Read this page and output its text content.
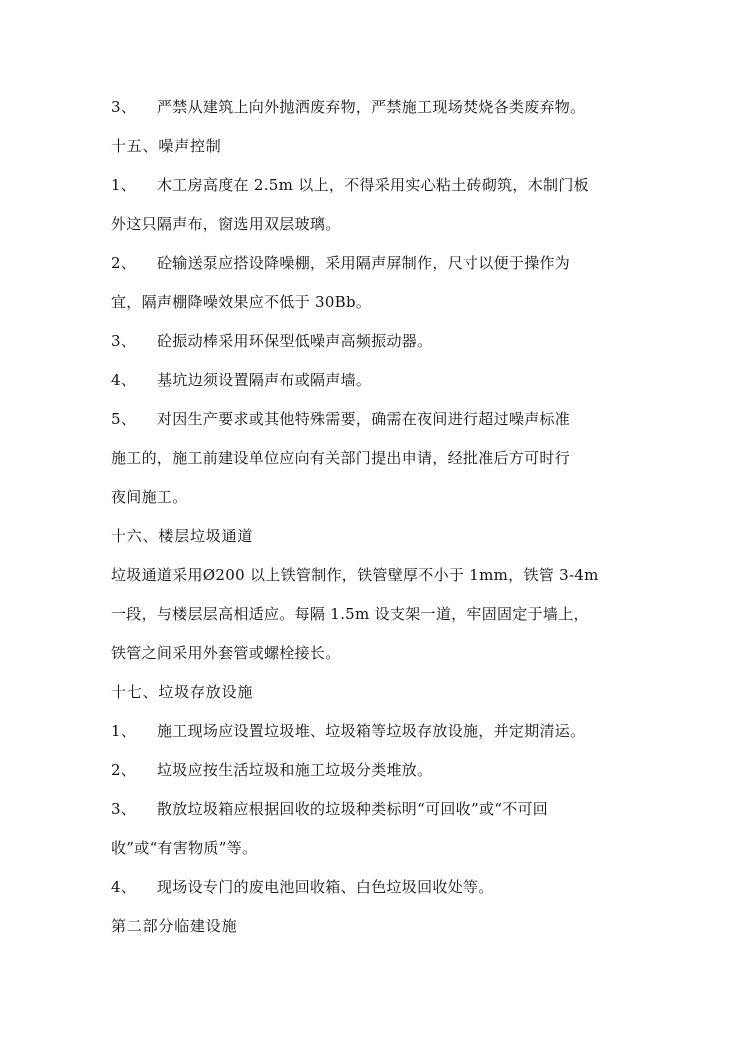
3、 严禁从建筑上向外抛洒废弃物，严禁施工现场焚烧各类废弃物。
十五、噪声控制
1、 木工房高度在 2.5m 以上，不得采用实心粘土砖砌筑，木制门板
外这只隔声布，窗选用双层玻璃。
2、 砼输送泵应搭设降噪棚，采用隔声屏制作，尺寸以便于操作为
宜，隔声棚降噪效果应不低于 30Bb。
3、 砼振动棒采用环保型低噪声高频振动器。
4、 基坑边须设置隔声布或隔声墙。
5、 对因生产要求或其他特殊需要，确需在夜间进行超过噪声标准
施工的，施工前建设单位应向有关部门提出申请，经批准后方可时行
夜间施工。
十六、楼层垃圾通道
垃圾通道采用Ø200 以上铁管制作，铁管壁厚不小于 1mm，铁管 3-4m
一段，与楼层层高相适应。每隔 1.5m 设支架一道，牢固固定于墙上，
铁管之间采用外套管或螺栓接长。
十七、垃圾存放设施
1、 施工现场应设置垃圾堆、垃圾箱等垃圾存放设施，并定期清运。
2、 垃圾应按生活垃圾和施工垃圾分类堆放。
3、 散放垃圾箱应根据回收的垃圾种类标明“可回收”或“不可回
收”或“有害物质”等。
4、 现场设专门的废电池回收箱、白色垃圾回收处等。
第二部分临建设施
